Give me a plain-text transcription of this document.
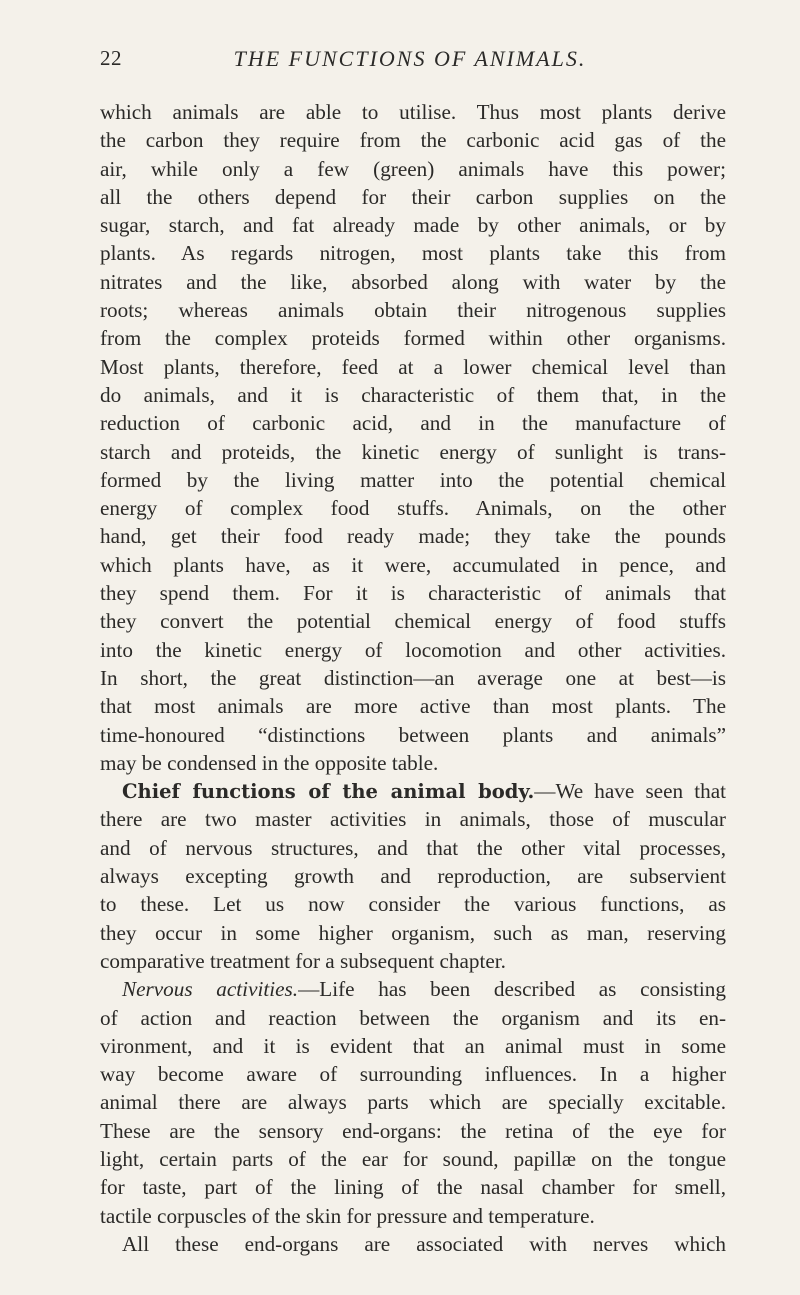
22	THE FUNCTIONS OF ANIMALS.
which animals are able to utilise. Thus most plants derive
the carbon they require from the carbonic acid gas of the
air, while only a few (green) animals have this power;
all the others depend for their carbon supplies on the
sugar, starch, and fat already made by other animals, or by
plants. As regards nitrogen, most plants take this from
nitrates and the like, absorbed along with water by the
roots; whereas animals obtain their nitrogenous supplies
from the complex proteids formed within other organisms.
Most plants, therefore, feed at a lower chemical level than
do animals, and it is characteristic of them that, in the
reduction of carbonic acid, and in the manufacture of
starch and proteids, the kinetic energy of sunlight is trans-
formed by the living matter into the potential chemical
energy of complex food stuffs. Animals, on the other
hand, get their food ready made; they take the pounds
which plants have, as it were, accumulated in pence, and
they spend them. For it is characteristic of animals that
they convert the potential chemical energy of food stuffs
into the kinetic energy of locomotion and other activities.
In short, the great distinction—an average one at best—is
that most animals are more active than most plants. The
time-honoured “distinctions between plants and animals”
may be condensed in the opposite table.
Chief functions of the animal body.—We have seen that
there are two master activities in animals, those of muscular
and of nervous structures, and that the other vital processes,
always excepting growth and reproduction, are subservient
to these. Let us now consider the various functions, as
they occur in some higher organism, such as man, reserving
comparative treatment for a subsequent chapter.
Nervous activities.—Life has been described as consisting
of action and reaction between the organism and its en-
vironment, and it is evident that an animal must in some
way become aware of surrounding influences. In a higher
animal there are always parts which are specially excitable.
These are the sensory end-organs: the retina of the eye for
light, certain parts of the ear for sound, papillæ on the tongue
for taste, part of the lining of the nasal chamber for smell,
tactile corpuscles of the skin for pressure and temperature.
All these end-organs are associated with nerves which
